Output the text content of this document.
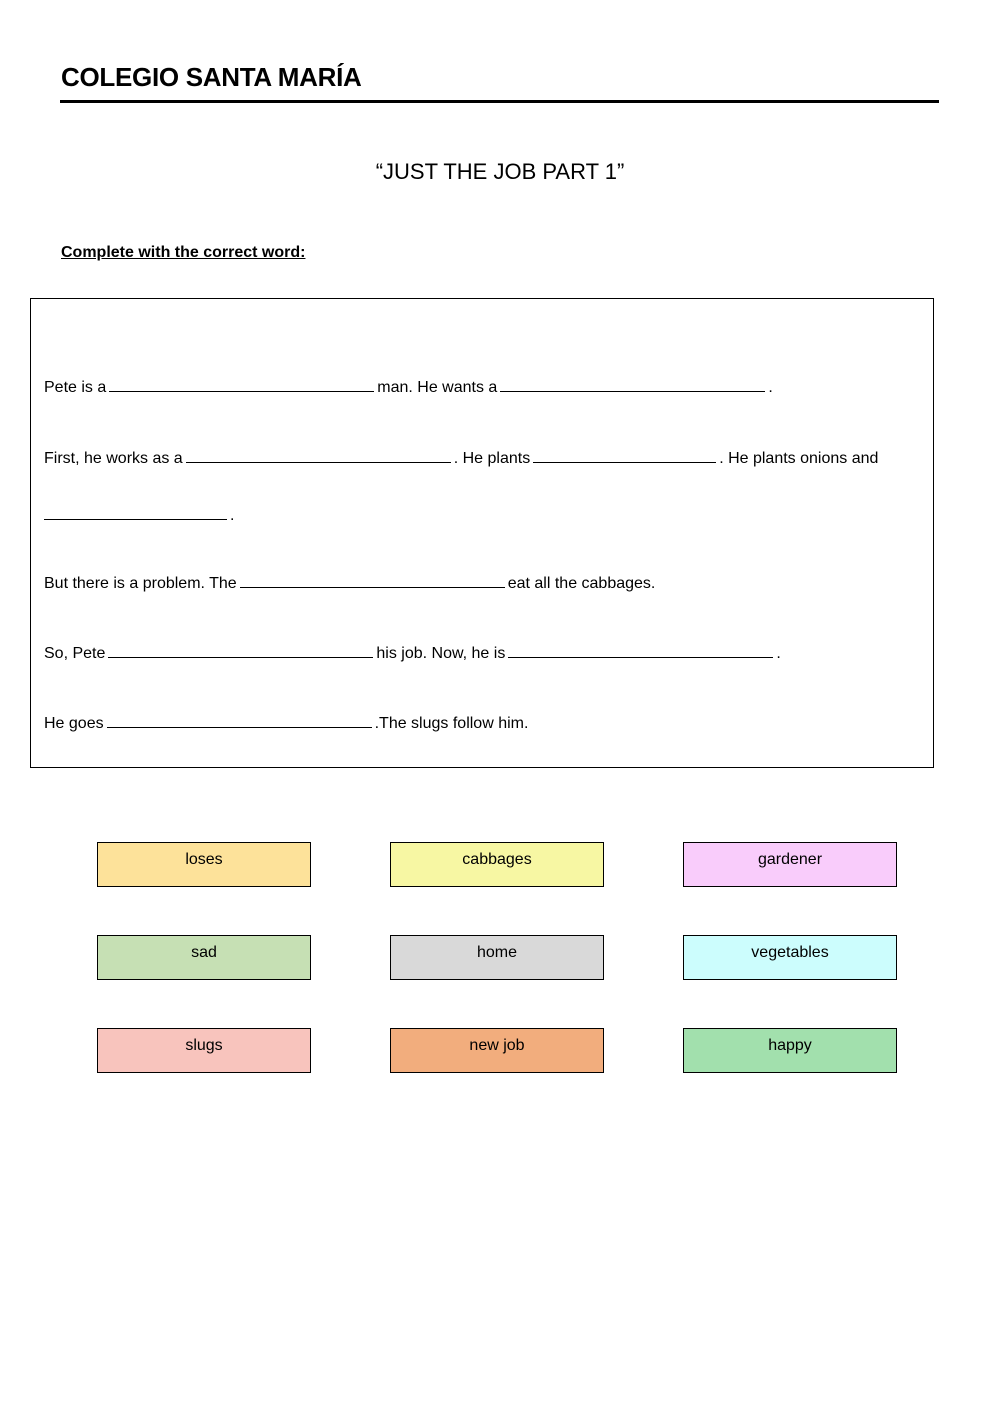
COLEGIO SANTA MARÍA
“JUST THE JOB PART 1”
Complete with the correct word:
Pete is a	man. He wants a	.
First, he works as a	. He plants	. He plants onions and
.
But there is a problem. The	eat all the cabbages.
So, Pete	his job. Now, he is	.
He goes	.The slugs follow him.
loses	cabbages	gardener
sad	home	vegetables
slugs	new job	happy
